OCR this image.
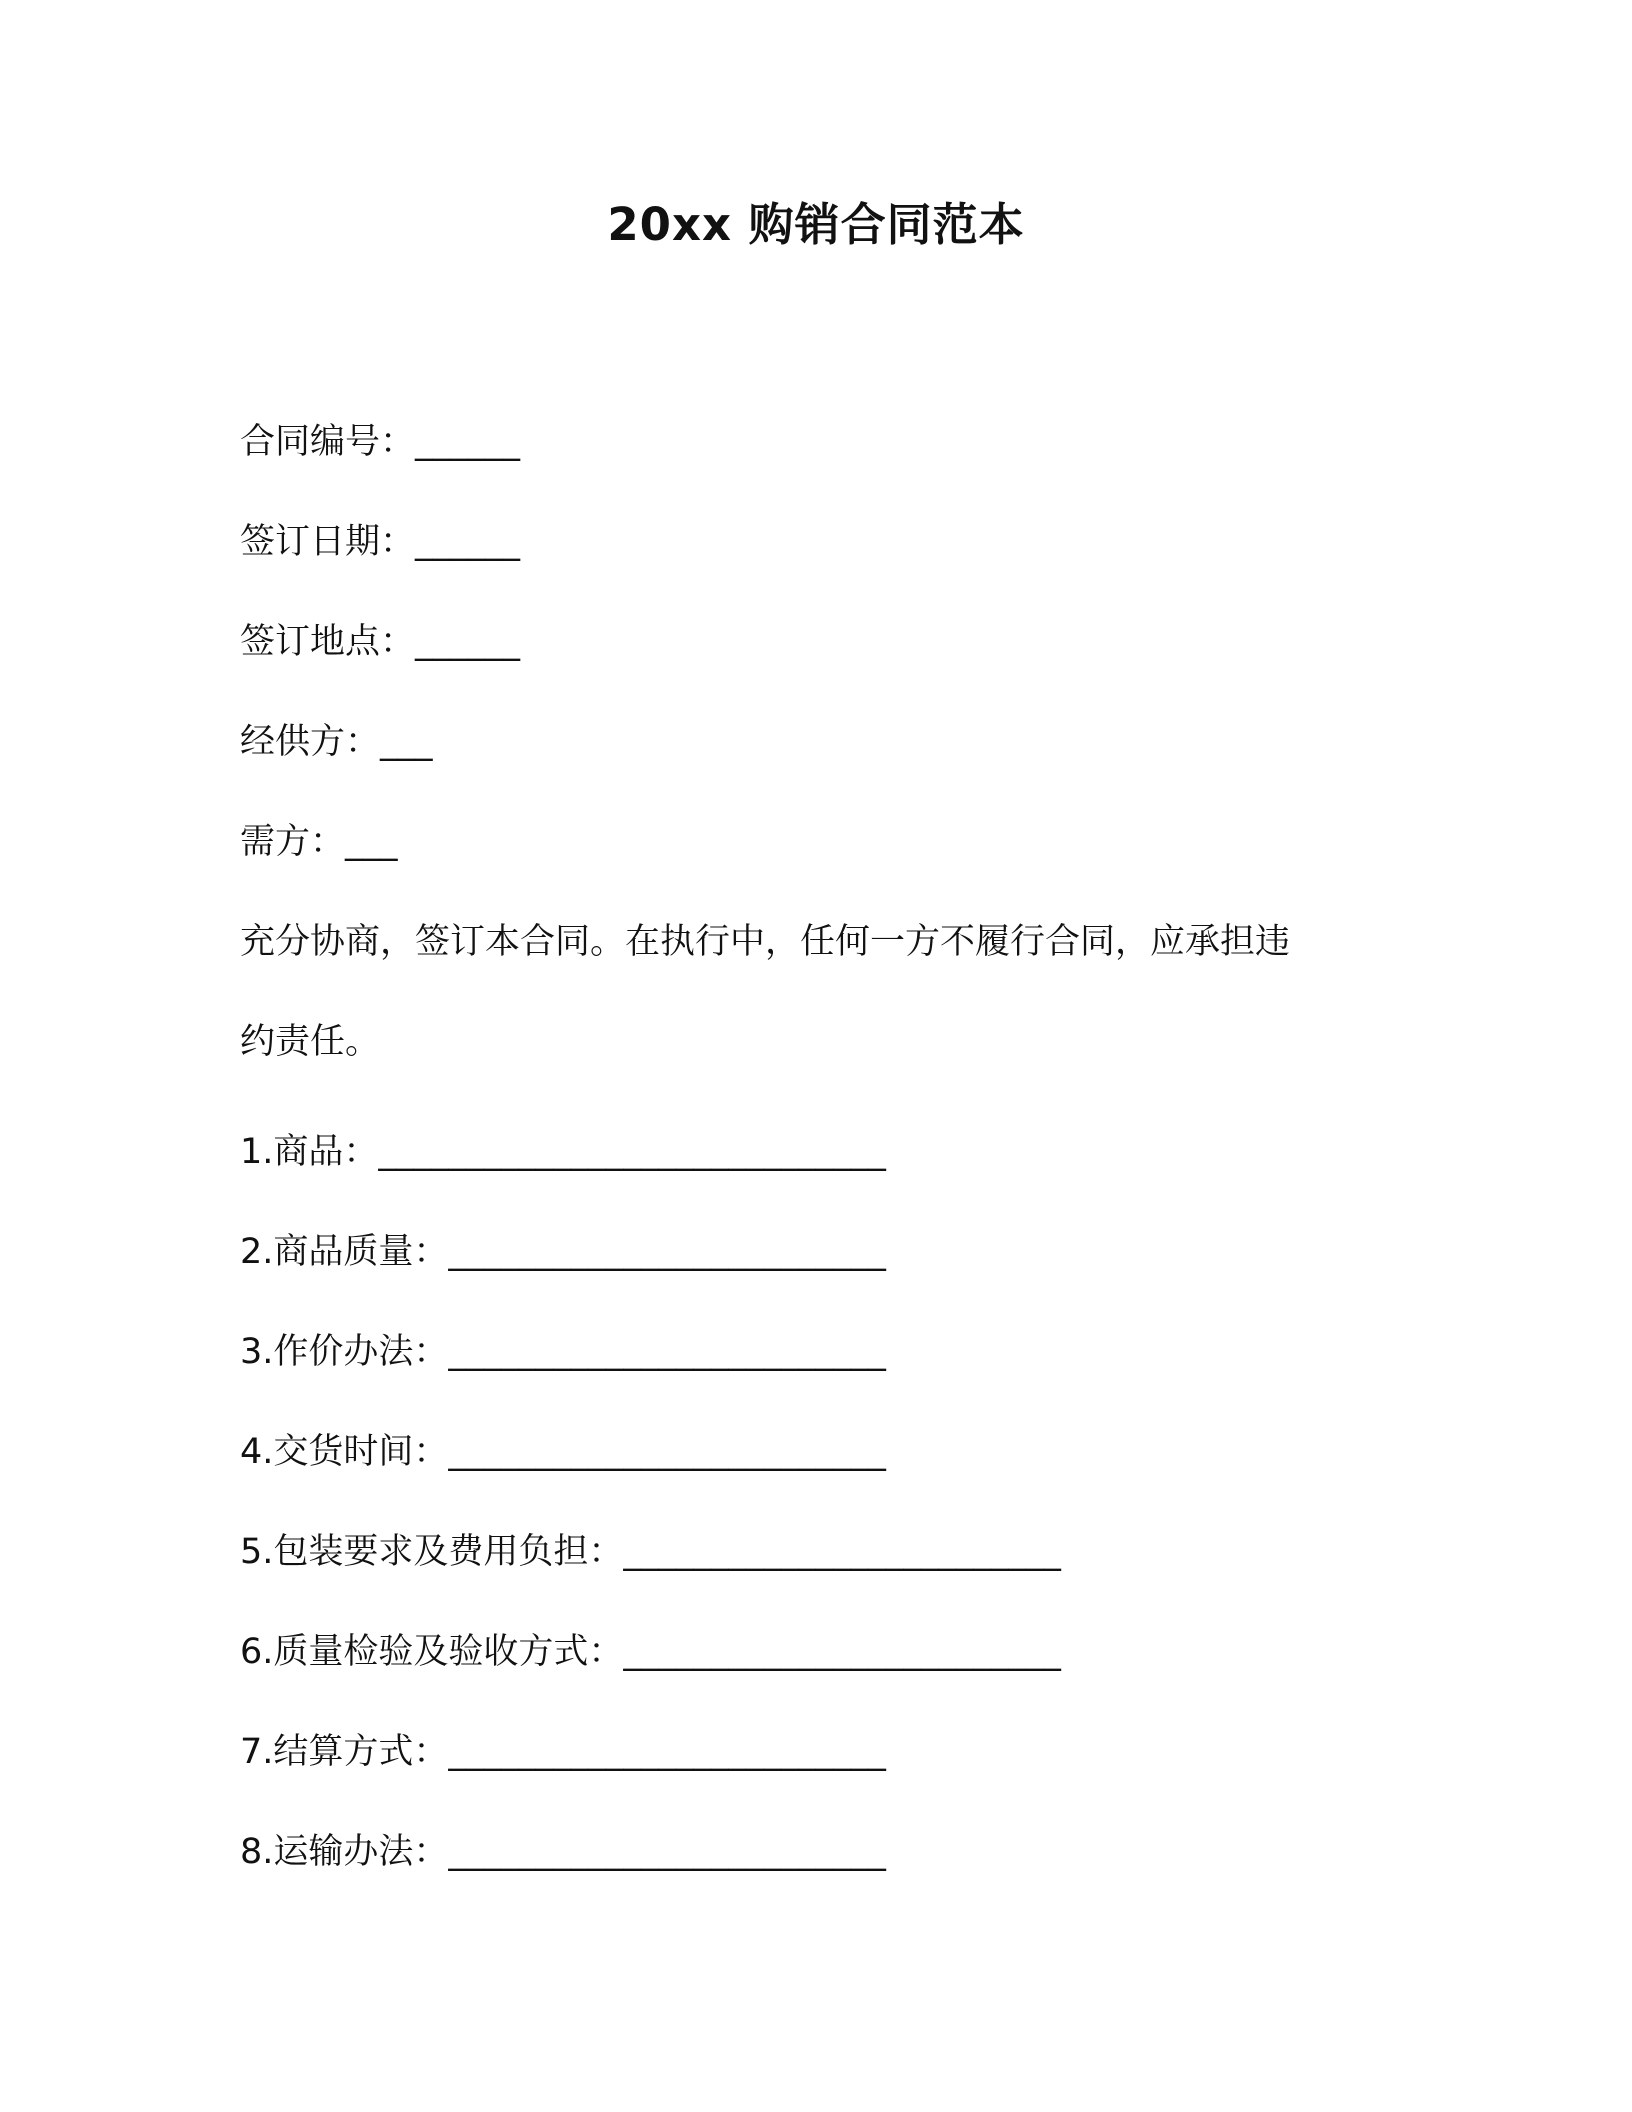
20xx 购销合同范本
合同编号：______
签订日期：______
签订地点：______
经供方：___
需方：___
充分协商，签订本合同。在执行中，任何一方不履行合同，应承担违
约责任。
1.商品：_____________________________
2.商品质量：_________________________
3.作价办法：_________________________
4.交货时间：_________________________
5.包装要求及费用负担：_________________________
6.质量检验及验收方式：_________________________
7.结算方式：_________________________
8.运输办法：_________________________
